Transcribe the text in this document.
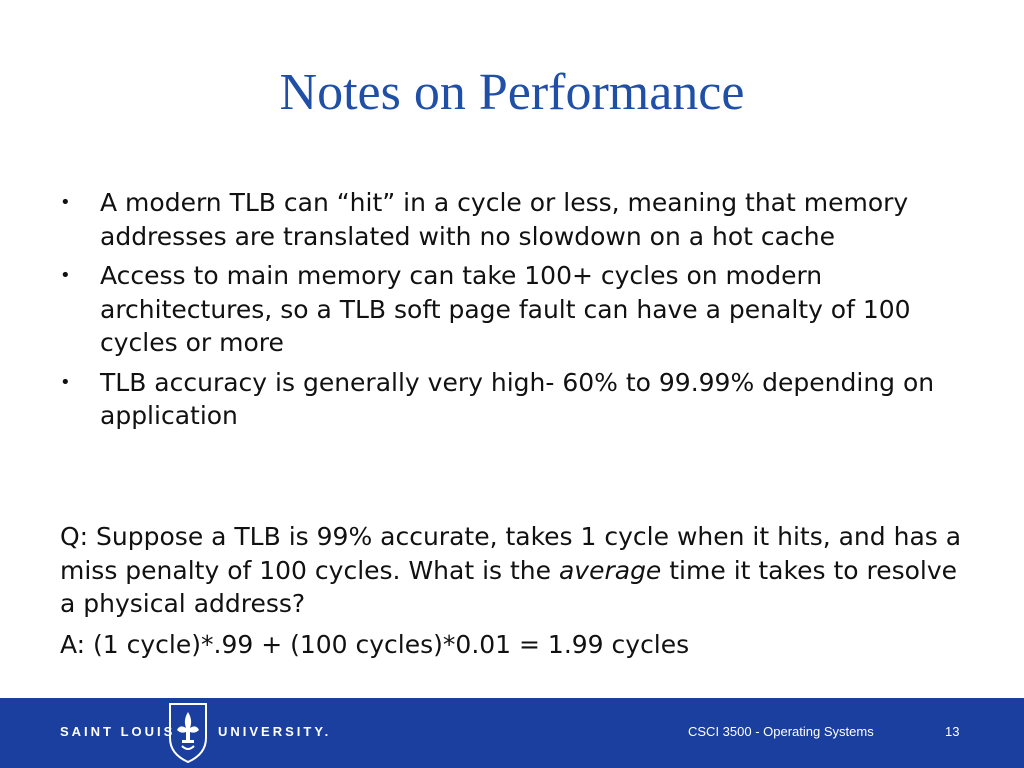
Notes on Performance
•	A modern TLB can “hit” in a cycle or less, meaning that memory addresses are translated with no slowdown on a hot cache
•	Access to main memory can take 100+ cycles on modern architectures, so a TLB soft page fault can have a penalty of 100 cycles or more
•	TLB accuracy is generally very high- 60% to 99.99% depending on application

Q: Suppose a TLB is 99% accurate, takes 1 cycle when it hits, and has a miss penalty of 100 cycles. What is the average time it takes to resolve a physical address?

A: (1 cycle)*.99 + (100 cycles)*0.01 = 1.99 cycles

SAINT LOUIS	UNIVERSITY.	CSCI 3500 - Operating Systems	13
